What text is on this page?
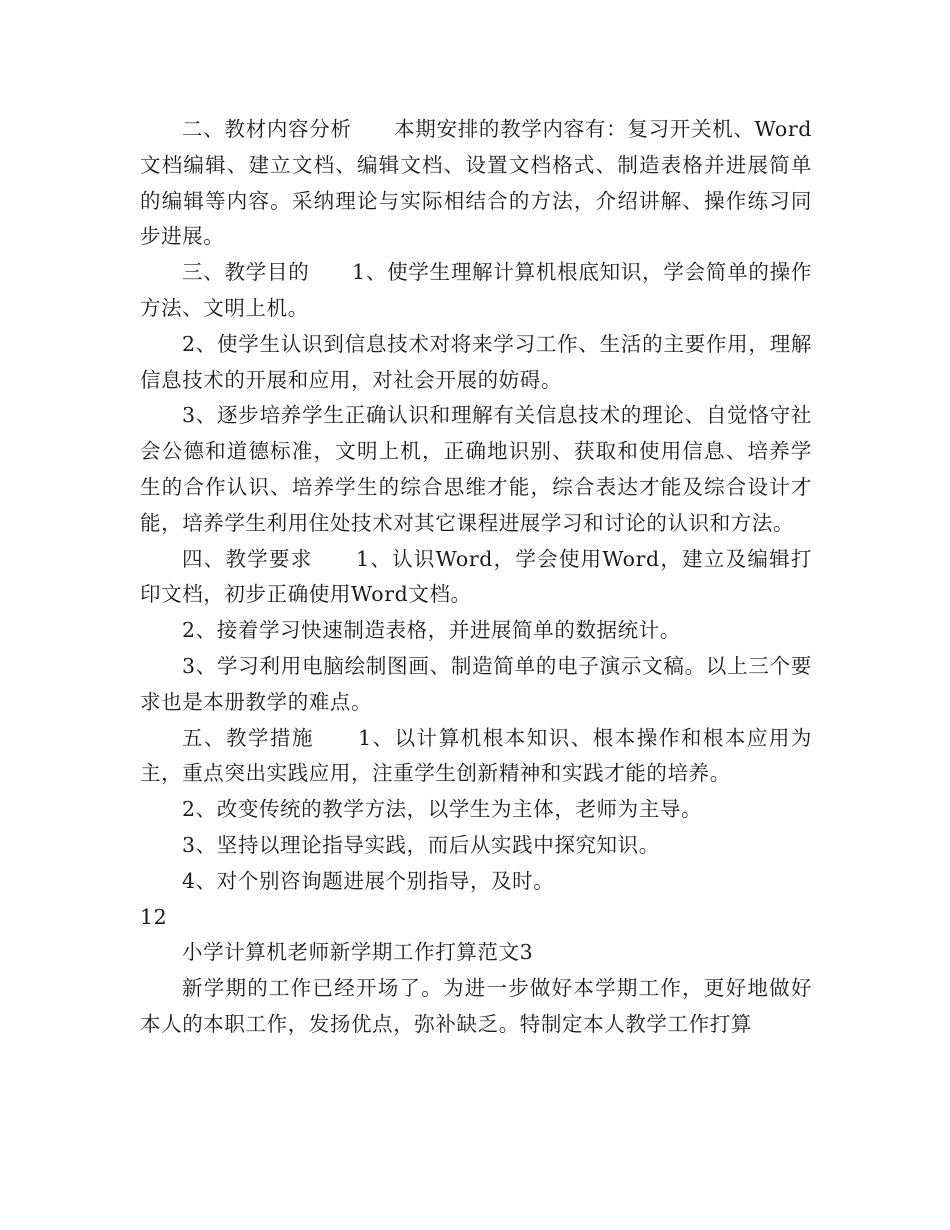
二、教材内容分析　　本期安排的教学内容有：复习开关机、Word文档编辑、建立文档、编辑文档、设置文档格式、制造表格并进展简单的编辑等内容。采纳理论与实际相结合的方法，介绍讲解、操作练习同步进展。

三、教学目的　　1、使学生理解计算机根底知识，学会简单的操作方法、文明上机。

2、使学生认识到信息技术对将来学习工作、生活的主要作用，理解信息技术的开展和应用，对社会开展的妨碍。

3、逐步培养学生正确认识和理解有关信息技术的理论、自觉恪守社会公德和道德标准，文明上机，正确地识别、获取和使用信息、培养学生的合作认识、培养学生的综合思维才能，综合表达才能及综合设计才能，培养学生利用住处技术对其它课程进展学习和讨论的认识和方法。

四、教学要求　　1、认识Word，学会使用Word，建立及编辑打印文档，初步正确使用Word文档。

2、接着学习快速制造表格，并进展简单的数据统计。

3、学习利用电脑绘制图画、制造简单的电子演示文稿。以上三个要求也是本册教学的难点。

五、教学措施　　1、以计算机根本知识、根本操作和根本应用为主，重点突出实践应用，注重学生创新精神和实践才能的培养。

2、改变传统的教学方法，以学生为主体，老师为主导。

3、坚持以理论指导实践，而后从实践中探究知识。

4、对个别咨询题进展个别指导，及时。

12

小学计算机老师新学期工作打算范文3

新学期的工作已经开场了。为进一步做好本学期工作，更好地做好本人的本职工作，发扬优点，弥补缺乏。特制定本人教学工作打算
